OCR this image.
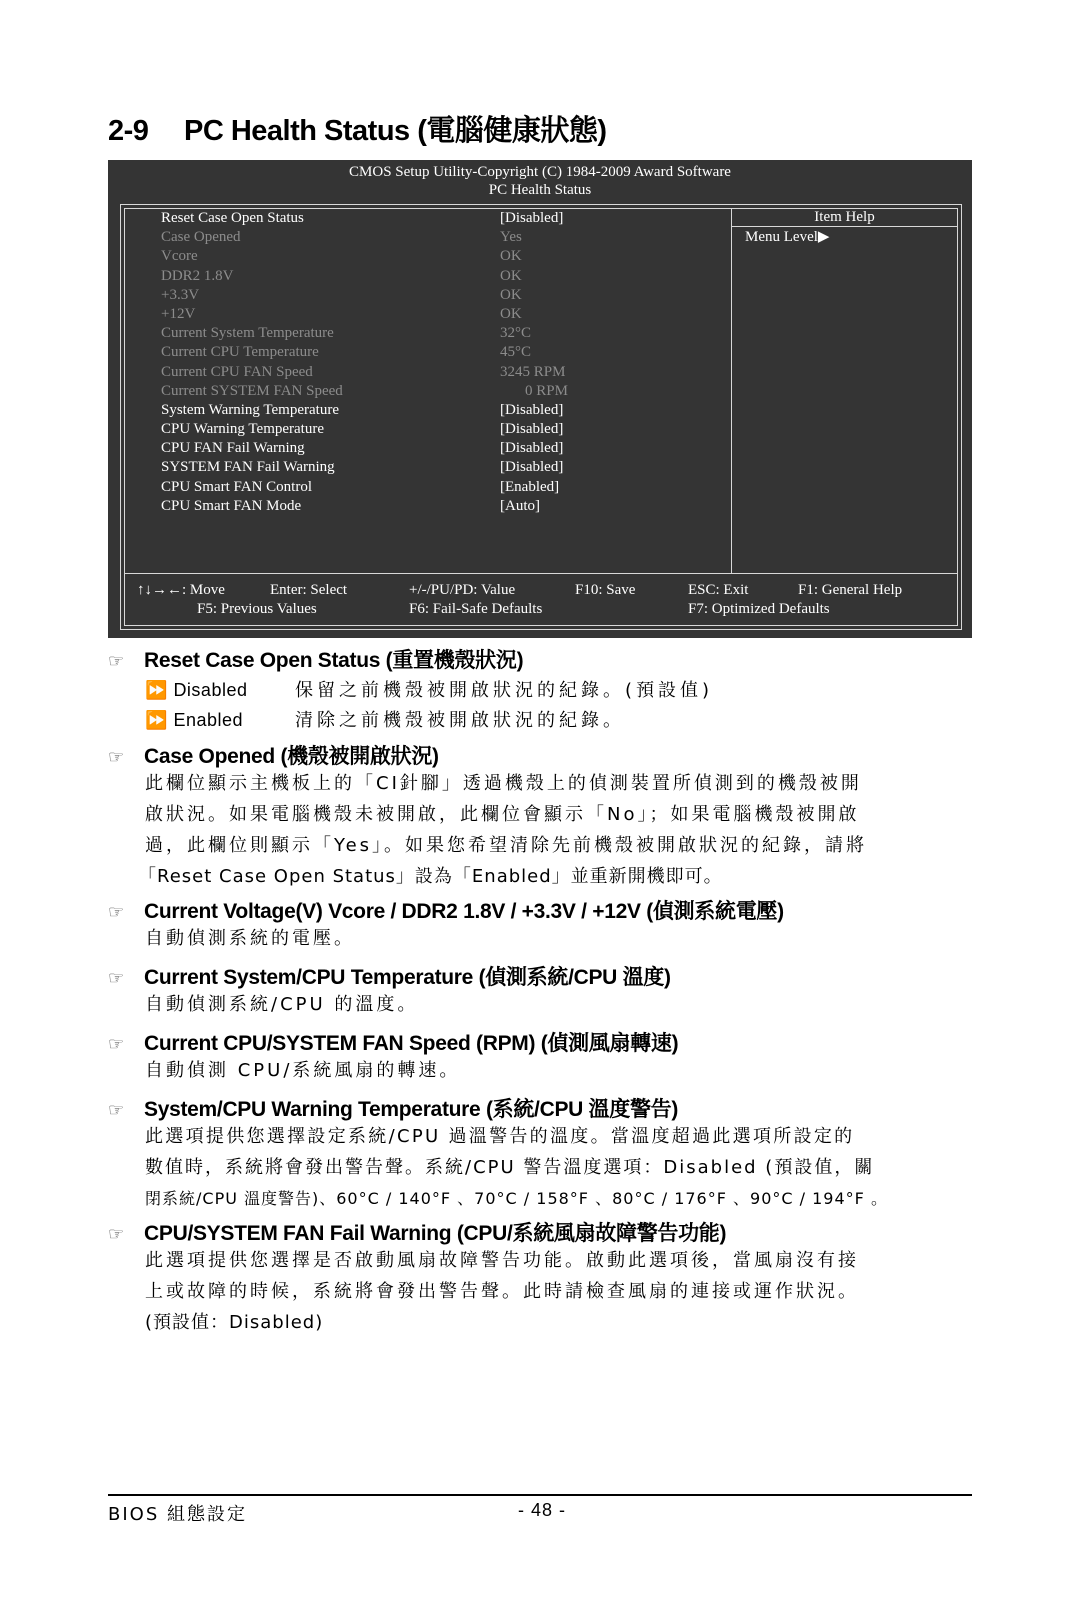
2-9 PC Health Status (電腦健康狀態)
CMOS Setup Utility-Copyright (C) 1984-2009 Award Software
PC Health Status
Item Help
Menu Level▶
Reset Case Open Status	[Disabled]
Case Opened	Yes
Vcore	OK
DDR2 1.8V	OK
+3.3V	OK
+12V	OK
Current System Temperature	32°C
Current CPU Temperature	45°C
Current CPU FAN Speed	3245 RPM
Current SYSTEM FAN Speed	0 RPM
System Warning Temperature	[Disabled]
CPU Warning Temperature	[Disabled]
CPU FAN Fail Warning	[Disabled]
SYSTEM FAN Fail Warning	[Disabled]
CPU Smart FAN Control	[Enabled]
CPU Smart FAN Mode	[Auto]
↑↓→←: Move	Enter: Select	+/-/PU/PD: Value	F10: Save	ESC: Exit	F1: General Help
F5: Previous Values	F6: Fail-Safe Defaults	F7: Optimized Defaults
☞ Reset Case Open Status (重置機殼狀況)
⏩ Disabled	保留之前機殼被開啟狀況的紀錄。(預設值)
⏩ Enabled	清除之前機殼被開啟狀況的紀錄。
☞ Case Opened (機殼被開啟狀況)
此欄位顯示主機板上的「CI針腳」透過機殼上的偵測裝置所偵測到的機殼被開
啟狀況。如果電腦機殼未被開啟，此欄位會顯示「No」；如果電腦機殼被開啟
過，此欄位則顯示「Yes」。如果您希望清除先前機殼被開啟狀況的紀錄，請將
「Reset Case Open Status」設為「Enabled」並重新開機即可。
☞ Current Voltage(V) Vcore / DDR2 1.8V / +3.3V / +12V (偵測系統電壓)
自動偵測系統的電壓。
☞ Current System/CPU Temperature (偵測系統/CPU 溫度)
自動偵測系統/CPU 的溫度。
☞ Current CPU/SYSTEM FAN Speed (RPM) (偵測風扇轉速)
自動偵測 CPU/系統風扇的轉速。
☞ System/CPU Warning Temperature (系統/CPU 溫度警告)
此選項提供您選擇設定系統/CPU 過溫警告的溫度。當溫度超過此選項所設定的
數值時，系統將會發出警告聲。系統/CPU 警告溫度選項：Disabled (預設值，關
閉系統/CPU 溫度警告)、60°C / 140°F 、70°C / 158°F 、80°C / 176°F 、90°C / 194°F 。
☞ CPU/SYSTEM FAN Fail Warning (CPU/系統風扇故障警告功能)
此選項提供您選擇是否啟動風扇故障警告功能。啟動此選項後，當風扇沒有接
上或故障的時候，系統將會發出警告聲。此時請檢查風扇的連接或運作狀況。
(預設值：Disabled)
BIOS 組態設定	- 48 -
